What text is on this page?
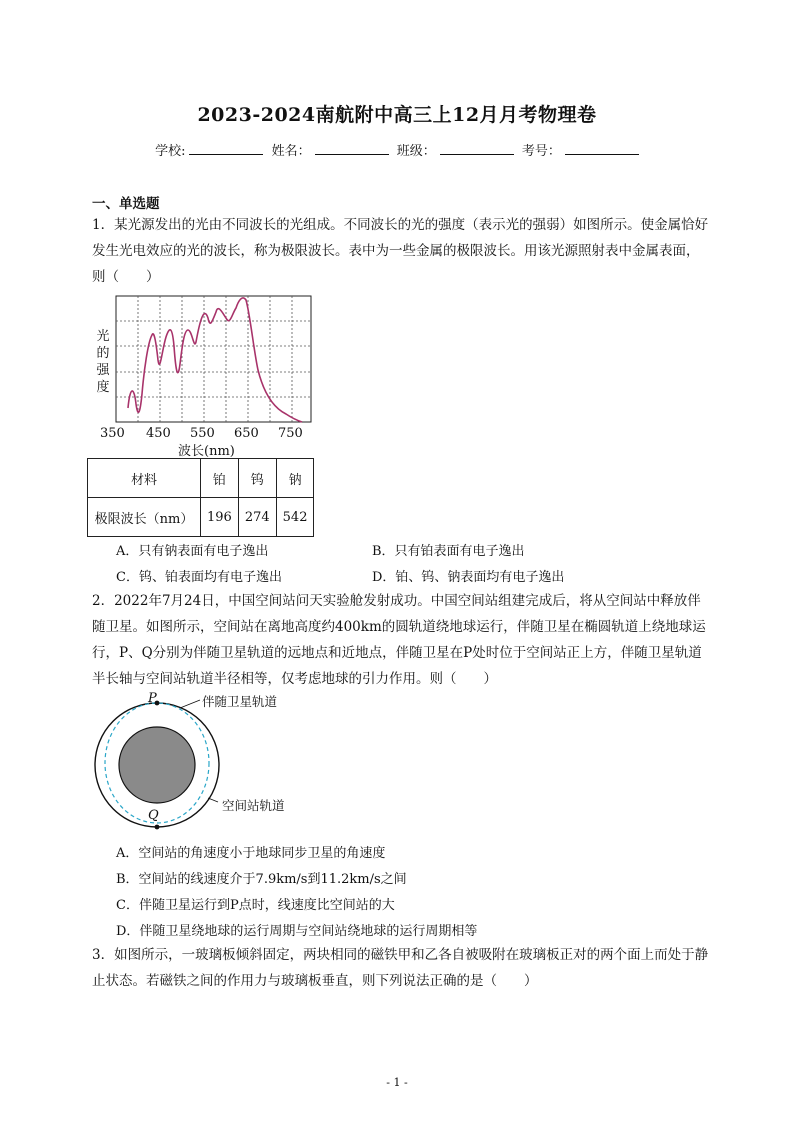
2023-2024南航附中高三上12月月考物理卷
学校:	姓名：	班级：	考号：
一、单选题
1．某光源发出的光由不同波长的光组成。不同波长的光的强度（表示光的强弱）如图所示。使金属恰好发生光电效应的光的波长，称为极限波长。表中为一些金属的极限波长。用该光源照射表中金属表面，则（　　）
光
的
强
度
350 450 550 650 750
波长(nm)
材料	铂	钨	钠
极限波长（nm）	196	274	542
A．只有钠表面有电子逸出	B．只有铂表面有电子逸出
C．钨、铂表面均有电子逸出	D．铂、钨、钠表面均有电子逸出
2．2022年7月24日，中国空间站问天实验舱发射成功。中国空间站组建完成后，将从空间站中释放伴随卫星。如图所示，空间站在离地高度约400km的圆轨道绕地球运行，伴随卫星在椭圆轨道上绕地球运行，P、Q分别为伴随卫星轨道的远地点和近地点，伴随卫星在P处时位于空间站正上方，伴随卫星轨道半长轴与空间站轨道半径相等，仅考虑地球的引力作用。则（　　）
P
Q
伴随卫星轨道
空间站轨道
A．空间站的角速度小于地球同步卫星的角速度
B．空间站的线速度介于7.9km/s到11.2km/s之间
C．伴随卫星运行到P点时，线速度比空间站的大
D．伴随卫星绕地球的运行周期与空间站绕地球的运行周期相等
3．如图所示，一玻璃板倾斜固定，两块相同的磁铁甲和乙各自被吸附在玻璃板正对的两个面上而处于静止状态。若磁铁之间的作用力与玻璃板垂直，则下列说法正确的是（　　）
- 1 -
